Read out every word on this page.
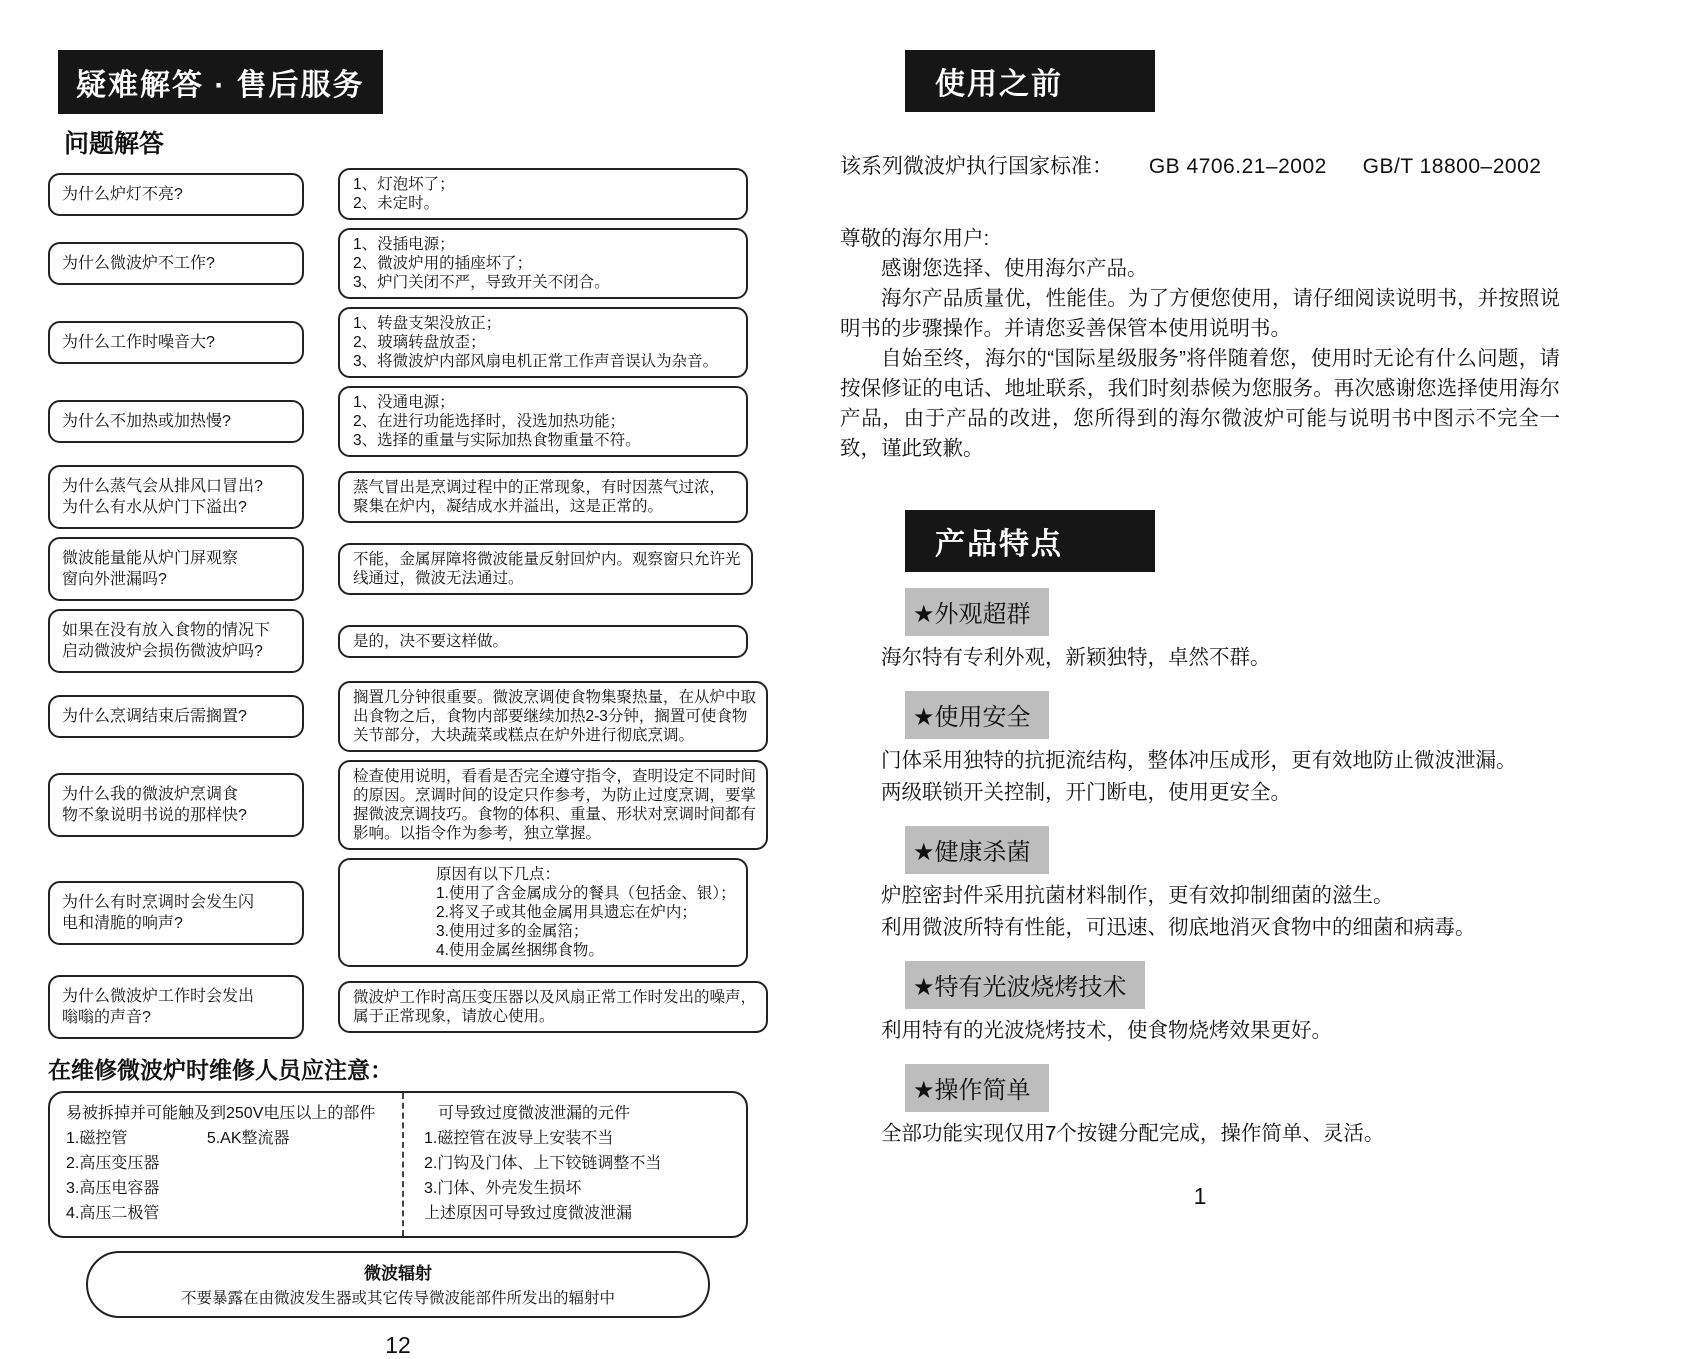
疑难解答 · 售后服务
问题解答
为什么炉灯不亮?
1、灯泡坏了；
2、未定时。
为什么微波炉不工作?
1、没插电源；
2、微波炉用的插座坏了；
3、炉门关闭不严，导致开关不闭合。
为什么工作时噪音大?
1、转盘支架没放正；
2、玻璃转盘放歪；
3、将微波炉内部风扇电机正常工作声音误认为杂音。
为什么不加热或加热慢?
1、没通电源；
2、在进行功能选择时，没选加热功能；
3、选择的重量与实际加热食物重量不符。
为什么蒸气会从排风口冒出?
为什么有水从炉门下溢出?
蒸气冒出是烹调过程中的正常现象，有时因蒸气过浓，
聚集在炉内，凝结成水并溢出，这是正常的。
微波能量能从炉门屏观察
窗向外泄漏吗?
不能，金属屏障将微波能量反射回炉内。观察窗只允许光
线通过，微波无法通过。
如果在没有放入食物的情况下
启动微波炉会损伤微波炉吗?
是的，决不要这样做。
为什么烹调结束后需搁置?
搁置几分钟很重要。微波烹调使食物集聚热量，在从炉中取
出食物之后，食物内部要继续加热2-3分钟，搁置可使食物
关节部分，大块蔬菜或糕点在炉外进行彻底烹调。
为什么我的微波炉烹调食
物不象说明书说的那样快?
检查使用说明，看看是否完全遵守指令，查明设定不同时间
的原因。烹调时间的设定只作参考，为防止过度烹调，要掌
握微波烹调技巧。食物的体积、重量、形状对烹调时间都有
影响。以指令作为参考，独立掌握。
为什么有时烹调时会发生闪
电和清脆的响声?
原因有以下几点：
1.使用了含金属成分的餐具（包括金、银）；
2.将叉子或其他金属用具遗忘在炉内；
3.使用过多的金属箔；
4.使用金属丝捆绑食物。
为什么微波炉工作时会发出
嗡嗡的声音?
微波炉工作时高压变压器以及风扇正常工作时发出的噪声，
属于正常现象，请放心使用。
在维修微波炉时维修人员应注意：
易被拆掉并可能触及到250V电压以上的部件
1.磁控管	5.AK整流器
2.高压变压器
3.高压电容器
4.高压二极管
可导致过度微波泄漏的元件
1.磁控管在波导上安装不当
2.门钩及门体、上下铰链调整不当
3.门体、外壳发生损坏
上述原因可导致过度微波泄漏
微波辐射
不要暴露在由微波发生器或其它传导微波能部件所发出的辐射中
12
使用之前
该系列微波炉执行国家标准： GB 4706.21–2002 GB/T 18800–2002

尊敬的海尔用户:

感谢您选择、使用海尔产品。

海尔产品质量优，性能佳。为了方便您使用，请仔细阅读说明书，并按照说明书的步骤操作。并请您妥善保管本使用说明书。

自始至终，海尔的“国际星级服务”将伴随着您，使用时无论有什么问题，请按保修证的电话、地址联系，我们时刻恭候为您服务。再次感谢您选择使用海尔产品，由于产品的改进，您所得到的海尔微波炉可能与说明书中图示不完全一致，谨此致歉。

产品特点
★外观超群

海尔特有专利外观，新颖独特，卓然不群。

★使用安全

门体采用独特的抗扼流结构，整体冲压成形，更有效地防止微波泄漏。

两级联锁开关控制，开门断电，使用更安全。

★健康杀菌

炉腔密封件采用抗菌材料制作，更有效抑制细菌的滋生。

利用微波所特有性能，可迅速、彻底地消灭食物中的细菌和病毒。

★特有光波烧烤技术

利用特有的光波烧烤技术，使食物烧烤效果更好。

★操作简单

全部功能实现仅用7个按键分配完成，操作简单、灵活。

1
